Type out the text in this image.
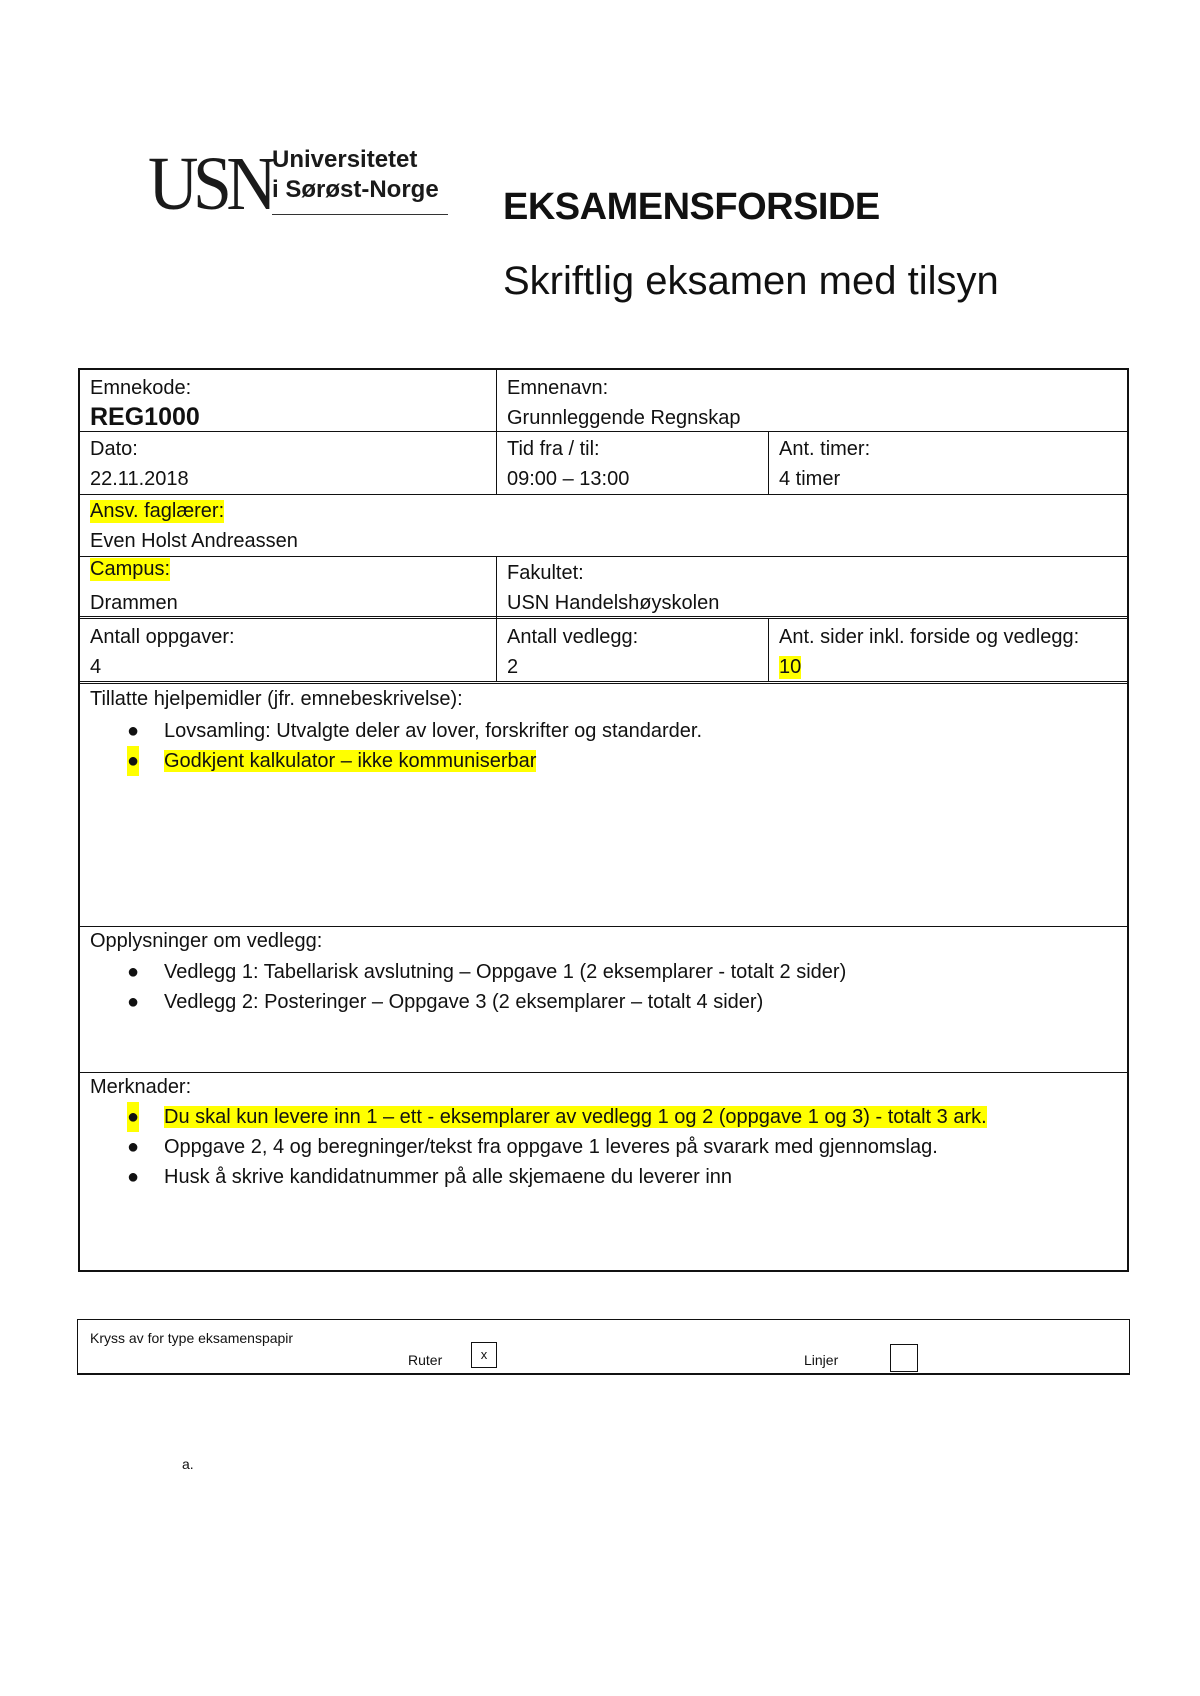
USN Universitetet
i Sørøst-Norge EKSAMENSFORSIDE
Skriftlig eksamen med tilsyn
Emnekode:
REG1000
Emnenavn:
Grunnleggende Regnskap
Dato:
22.11.2018
Tid fra / til:
09:00 – 13:00
Ant. timer:
4 timer
Ansv. faglærer:
Even Holst Andreassen
Campus:
Drammen
Fakultet:
USN Handelshøyskolen
Antall oppgaver:
4
Antall vedlegg:
2
Ant. sider inkl. forside og vedlegg:
10
Tillatte hjelpemidler (jfr. emnebeskrivelse):
● Lovsamling: Utvalgte deler av lover, forskrifter og standarder.
● Godkjent kalkulator – ikke kommuniserbar
Opplysninger om vedlegg:
● Vedlegg 1: Tabellarisk avslutning – Oppgave 1 (2 eksemplarer - totalt 2 sider)
● Vedlegg 2: Posteringer – Oppgave 3 (2 eksemplarer – totalt 4 sider)
Merknader:
● Du skal kun levere inn 1 – ett - eksemplarer av vedlegg 1 og 2 (oppgave 1 og 3) - totalt 3 ark.
● Oppgave 2, 4 og beregninger/tekst fra oppgave 1 leveres på svarark med gjennomslag.
● Husk å skrive kandidatnummer på alle skjemaene du leverer inn
Kryss av for type eksamenspapir
Ruter	x	Linjer
a.
